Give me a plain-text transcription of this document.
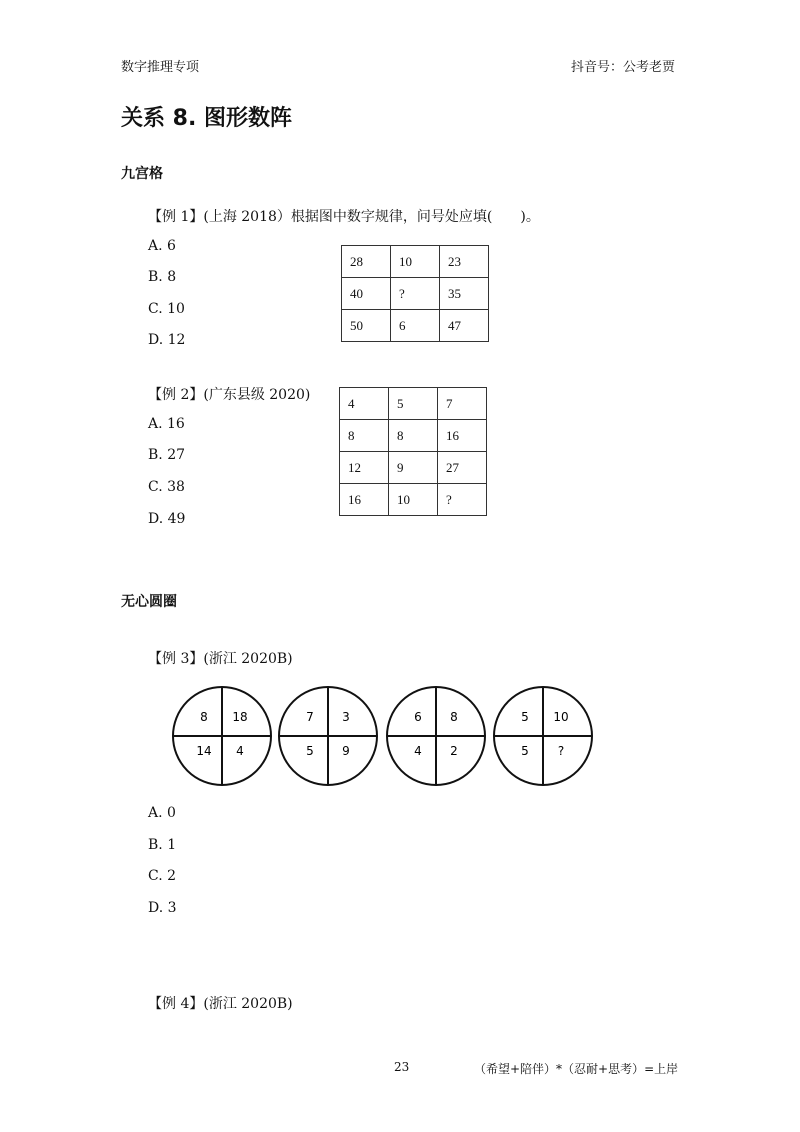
数字推理专项	抖音号：公考老贾
关系 8. 图形数阵
九宫格
【例 1】(上海 2018）根据图中数字规律，问号处应填(　　)。
A. 6
B. 8
C. 10
D. 12
28	10	23
40	?	35
50	6	47
【例 2】(广东县级 2020)
A. 16
B. 27
C. 38
D. 49
4	5	7
8	8	16
12	9	27
16	10	?
无心圆圈
【例 3】(浙江 2020B)
8 18
14 4
7 3
5 9
6 8
4 2
5 10
5 ?
A. 0
B. 1
C. 2
D. 3
【例 4】(浙江 2020B)
23	（希望+陪伴）*（忍耐+思考）=上岸
